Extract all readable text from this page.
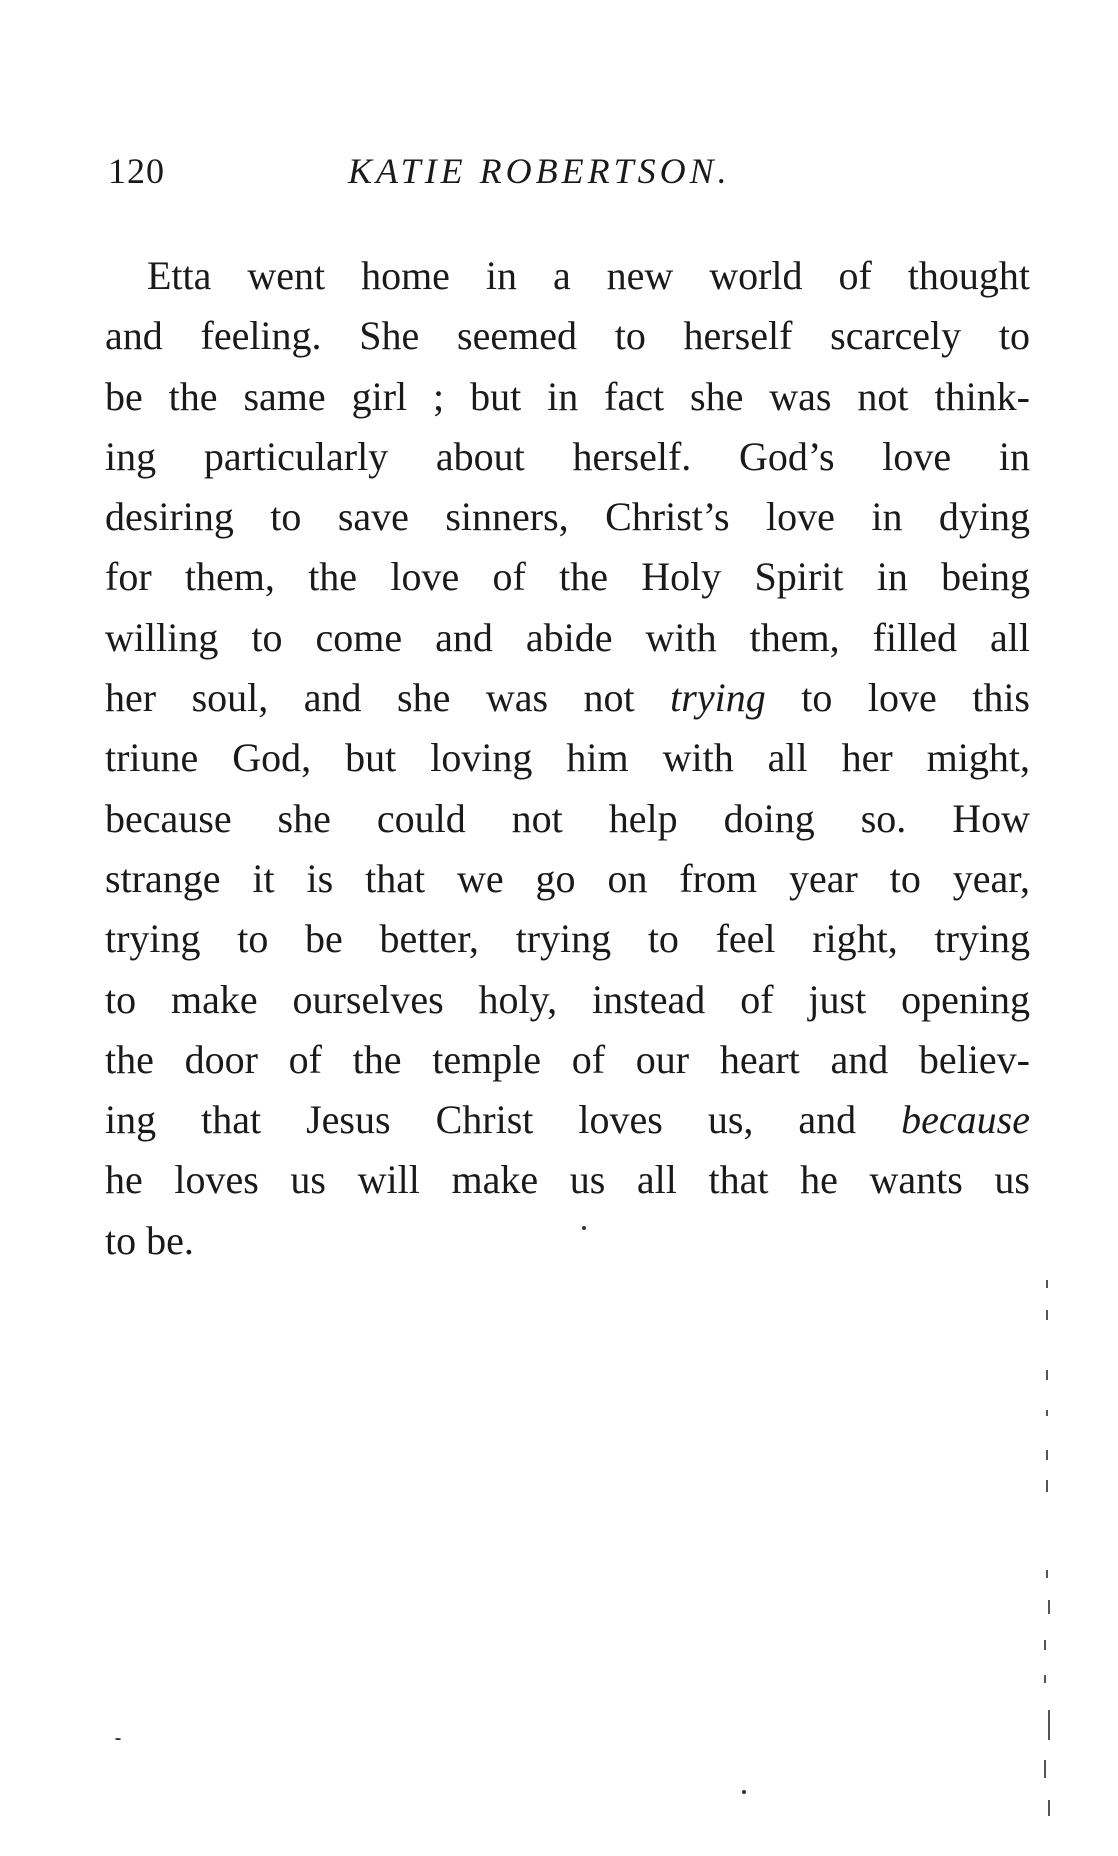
120	KATIE ROBERTSON.
Etta went home in a new world of thought
and feeling. She seemed to herself scarcely to
be the same girl ; but in fact she was not think-
ing particularly about herself. God’s love in
desiring to save sinners, Christ’s love in dying
for them, the love of the Holy Spirit in being
willing to come and abide with them, filled all
her soul, and she was not trying to love this
triune God, but loving him with all her might,
because she could not help doing so. How
strange it is that we go on from year to year,
trying to be better, trying to feel right, trying
to make ourselves holy, instead of just opening
the door of the temple of our heart and believ-
ing that Jesus Christ loves us, and because
he loves us will make us all that he wants us
to be.
